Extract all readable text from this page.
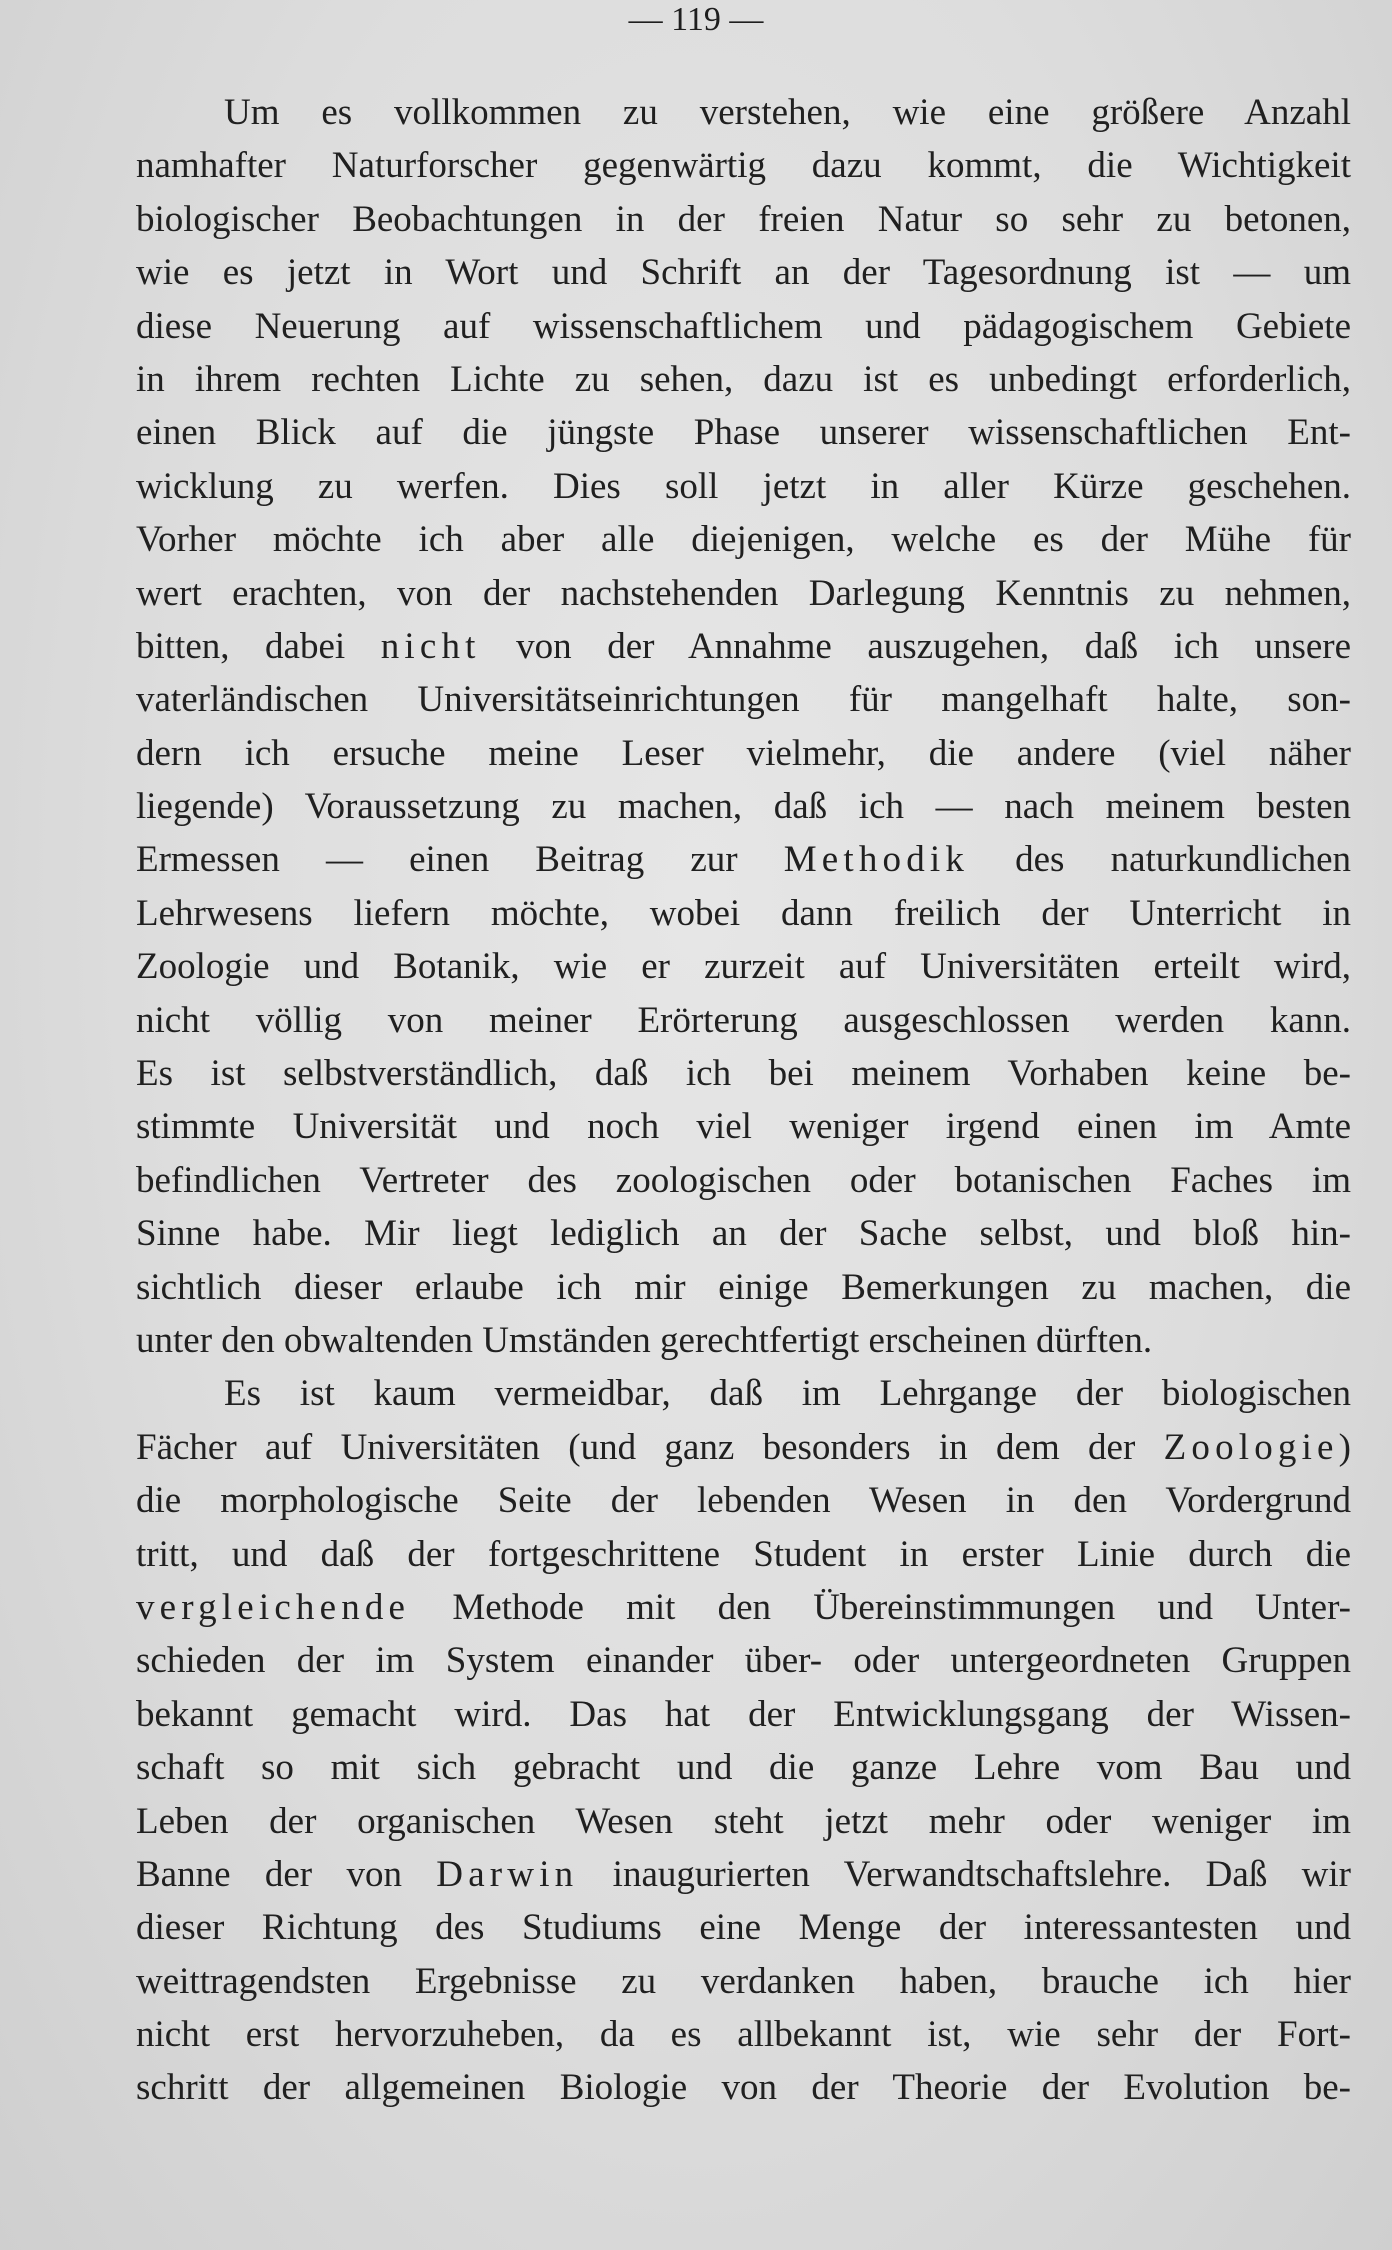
— 119 —
Um es vollkommen zu verstehen, wie eine größere Anzahl
namhafter Naturforscher gegenwärtig dazu kommt, die Wichtigkeit
biologischer Beobachtungen in der freien Natur so sehr zu betonen,
wie es jetzt in Wort und Schrift an der Tagesordnung ist — um
diese Neuerung auf wissenschaftlichem und pädagogischem Gebiete
in ihrem rechten Lichte zu sehen, dazu ist es unbedingt erforderlich,
einen Blick auf die jüngste Phase unserer wissenschaftlichen Ent-
wicklung zu werfen. Dies soll jetzt in aller Kürze geschehen.
Vorher möchte ich aber alle diejenigen, welche es der Mühe für
wert erachten, von der nachstehenden Darlegung Kenntnis zu nehmen,
bitten, dabei nicht von der Annahme auszugehen, daß ich unsere
vaterländischen Universitätseinrichtungen für mangelhaft halte, son-
dern ich ersuche meine Leser vielmehr, die andere (viel näher
liegende) Voraussetzung zu machen, daß ich — nach meinem besten
Ermessen — einen Beitrag zur Methodik des naturkundlichen
Lehrwesens liefern möchte, wobei dann freilich der Unterricht in
Zoologie und Botanik, wie er zurzeit auf Universitäten erteilt wird,
nicht völlig von meiner Erörterung ausgeschlossen werden kann.
Es ist selbstverständlich, daß ich bei meinem Vorhaben keine be-
stimmte Universität und noch viel weniger irgend einen im Amte
befindlichen Vertreter des zoologischen oder botanischen Faches im
Sinne habe. Mir liegt lediglich an der Sache selbst, und bloß hin-
sichtlich dieser erlaube ich mir einige Bemerkungen zu machen, die
unter den obwaltenden Umständen gerechtfertigt erscheinen dürften.
Es ist kaum vermeidbar, daß im Lehrgange der biologischen
Fächer auf Universitäten (und ganz besonders in dem der Zoologie)
die morphologische Seite der lebenden Wesen in den Vordergrund
tritt, und daß der fortgeschrittene Student in erster Linie durch die
vergleichende Methode mit den Übereinstimmungen und Unter-
schieden der im System einander über- oder untergeordneten Gruppen
bekannt gemacht wird. Das hat der Entwicklungsgang der Wissen-
schaft so mit sich gebracht und die ganze Lehre vom Bau und
Leben der organischen Wesen steht jetzt mehr oder weniger im
Banne der von Darwin inaugurierten Verwandtschaftslehre. Daß wir
dieser Richtung des Studiums eine Menge der interessantesten und
weittragendsten Ergebnisse zu verdanken haben, brauche ich hier
nicht erst hervorzuheben, da es allbekannt ist, wie sehr der Fort-
schritt der allgemeinen Biologie von der Theorie der Evolution be-
